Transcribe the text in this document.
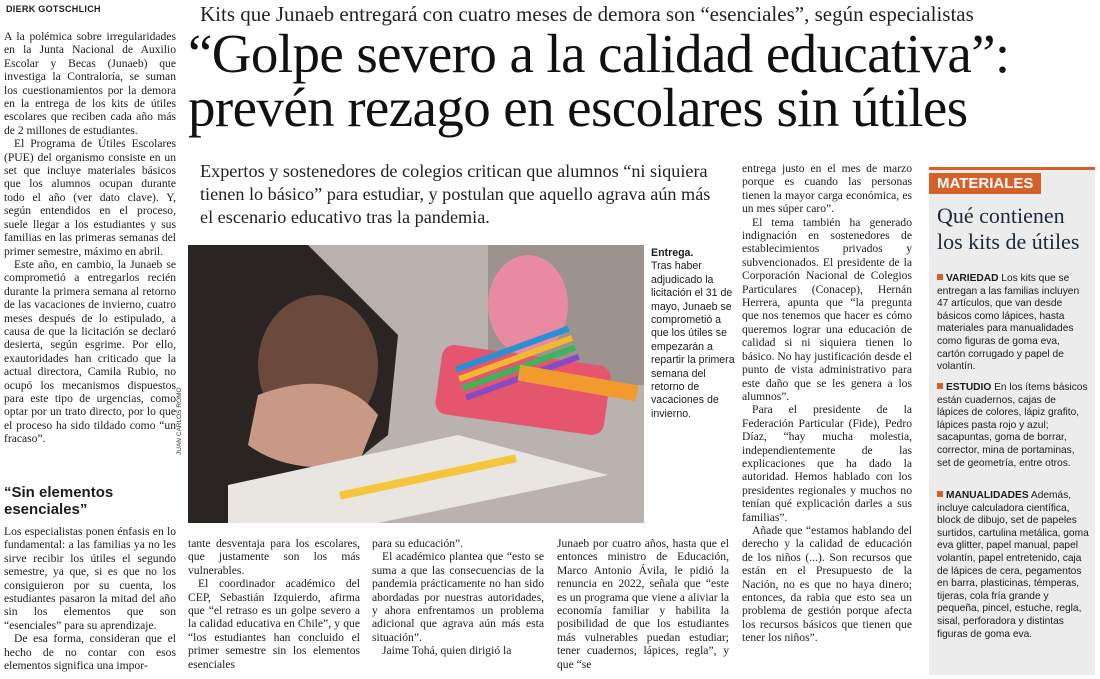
DIERK GOTSCHLICH	Kits que Junaeb entregará con cuatro meses de demora son “esenciales”, según especialistas
“Golpe severo a la calidad educativa”: prevén rezago en escolares sin útiles
Expertos y sostenedores de colegios critican que alumnos “ni siquiera tienen lo básico” para estudiar, y postulan que aquello agrava aún más el escenario educativo tras la pandemia.

A la polémica sobre irregularidades en la Junta Nacional de Auxilio Escolar y Becas (Junaeb) que investiga la Contraloría, se suman los cuestionamientos por la demora en la entrega de los kits de útiles escolares que reciben cada año más de 2 millones de estudiantes.

El Programa de Útiles Escolares (PUE) del organismo consiste en un set que incluye materiales básicos que los alumnos ocupan durante todo el año (ver dato clave). Y, según entendidos en el proceso, suele llegar a los estudiantes y sus familias en las primeras semanas del primer semestre, máximo en abril.

Este año, en cambio, la Junaeb se comprometió a entregarlos recién durante la primera semana al retorno de las vacaciones de invierno, cuatro meses después de lo estipulado, a causa de que la licitación se declaró desierta, según esgrime. Por ello, exautoridades han criticado que la actual directora, Camila Rubio, no ocupó los mecanismos dispuestos para este tipo de urgencias, como optar por un trato directo, por lo que el proceso ha sido tildado como “un fracaso”.

“Sin elementos esenciales”

Los especialistas ponen énfasis en lo fundamental: a las familias ya no les sirve recibir los útiles el segundo semestre, ya que, si es que no los consiguieron por su cuenta, los estudiantes pasaron la mitad del año sin los elementos que son “esenciales” para su aprendizaje.

De esa forma, consideran que el hecho de no contar con esos elementos significa una impor-

JUAN CARLOS ROMO
Entrega.
Tras haber adjudicado la licitación el 31 de mayo, Junaeb se comprometió a que los útiles se empezarán a repartir la primera semana del retorno de vacaciones de invierno.

tante desventaja para los escolares, que justamente son los más vulnerables.

El coordinador académico del CEP, Sebastián Izquierdo, afirma que “el retraso es un golpe severo a la calidad educativa en Chile”, y que “los estudiantes han concluido el primer semestre sin los elementos esenciales

para su educación”.

El académico plantea que “esto se suma a que las consecuencias de la pandemia prácticamente no han sido abordadas por nuestras autoridades, y ahora enfrentamos un problema adicional que agrava aún más esta situación”.

Jaime Tohá, quien dirigió la

Junaeb por cuatro años, hasta que el entonces ministro de Educación, Marco Antonio Ávila, le pidió la renuncia en 2022, señala que “este es un programa que viene a aliviar la economía familiar y habilita la posibilidad de que los estudiantes más vulnerables puedan estudiar; tener cuadernos, lápices, regla”, y que “se

entrega justo en el mes de marzo porque es cuando las personas tienen la mayor carga económica, es un mes súper caro”.

El tema también ha generado indignación en sostenedores de establecimientos privados y subvencionados. El presidente de la Corporación Nacional de Colegios Particulares (Conacep), Hernán Herrera, apunta que “la pregunta que nos tenemos que hacer es cómo queremos lograr una educación de calidad si ni siquiera tienen lo básico. No hay justificación desde el punto de vista administrativo para este daño que se les genera a los alumnos”.

Para el presidente de la Federación Particular (Fide), Pedro Díaz, “hay mucha molestia, independientemente de las explicaciones que ha dado la autoridad. Hemos hablado con los presidentes regionales y muchos no tenían qué explicación darles a sus familias”.

Añade que “estamos hablando del derecho y la calidad de educación de los niños (...). Son recursos que están en el Presupuesto de la Nación, no es que no haya dinero; entonces, da rabia que esto sea un problema de gestión porque afecta los recursos básicos que tienen que tener los niños”.

MATERIALES
Qué contienen los kits de útiles
VARIEDAD Los kits que se entregan a las familias incluyen 47 artículos, que van desde básicos como lápices, hasta materiales para manualidades como figuras de goma eva, cartón corrugado y papel de volantín.
ESTUDIO En los ítems básicos están cuadernos, cajas de lápices de colores, lápiz grafito, lápices pasta rojo y azul; sacapuntas, goma de borrar, corrector, mina de portaminas, set de geometría, entre otros.
MANUALIDADES Además, incluye calculadora científica, block de dibujo, set de papeles surtidos, cartulina metálica, goma eva glitter, papel manual, papel volantín, papel entretenido, caja de lápices de cera, pegamentos en barra, plasticinas, témperas, tijeras, cola fría grande y pequeña, pincel, estuche, regla, sisal, perforadora y distintas figuras de goma eva.
